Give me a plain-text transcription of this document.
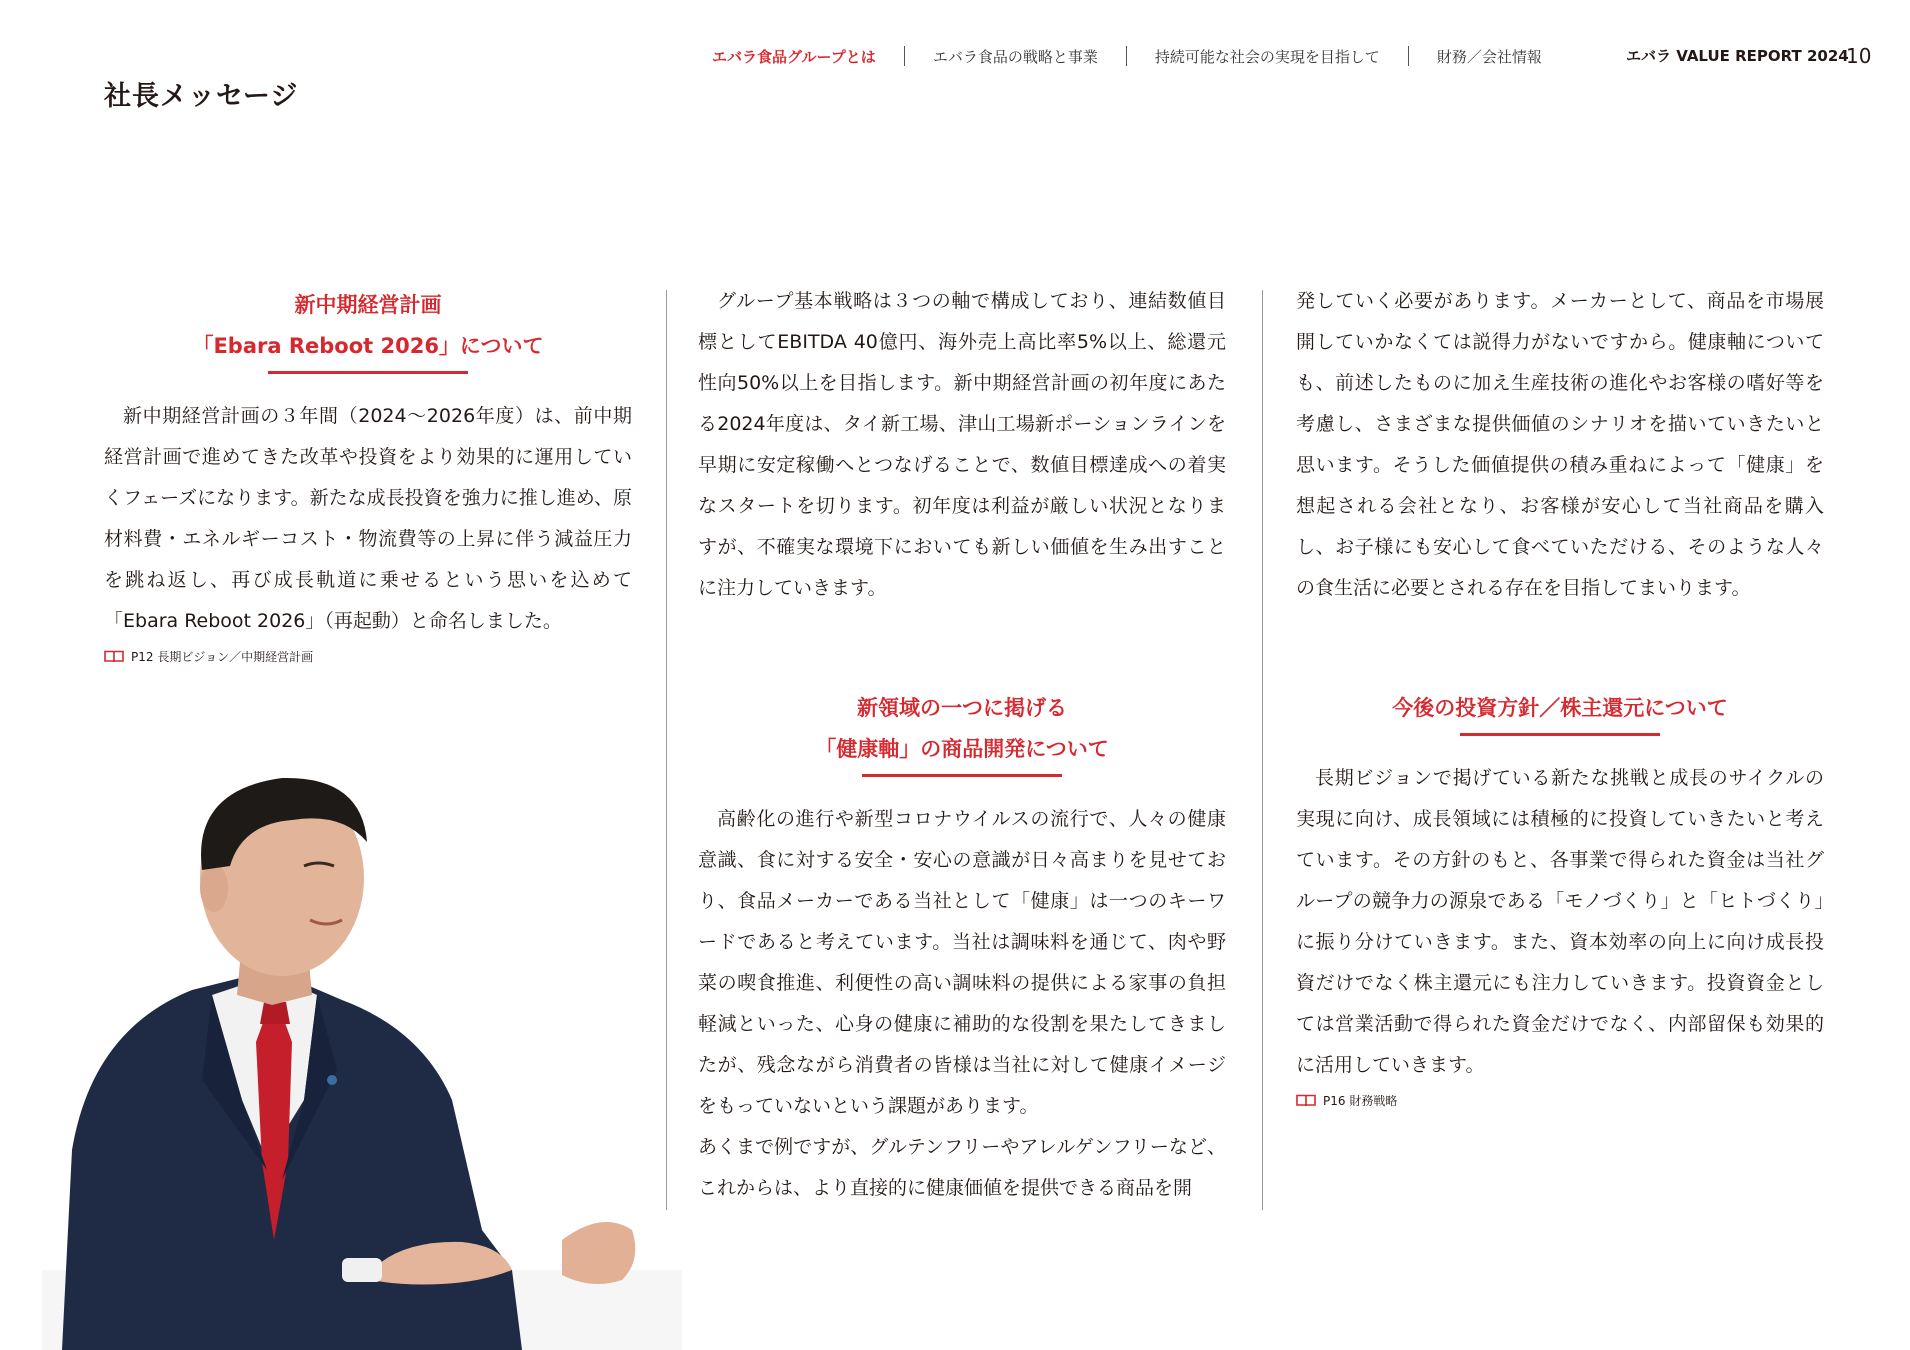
エバラ食品グループとは	エバラ食品の戦略と事業	持続可能な社会の実現を目指して	財務／会社情報	エバラ VALUE REPORT 2024
10
社長メッセージ

新中期経営計画
「Ebara Reboot 2026」について

新中期経営計画の３年間（2024～2026年度）は、前中期経営計画で進めてきた改革や投資をより効果的に運用していくフェーズになります。新たな成長投資を強力に推し進め、原材料費・エネルギーコスト・物流費等の上昇に伴う減益圧力を跳ね返し、再び成長軌道に乗せるという思いを込めて「Ebara Reboot 2026」（再起動）と命名しました。

P12 長期ビジョン／中期経営計画

グループ基本戦略は３つの軸で構成しており、連結数値目標としてEBITDA 40億円、海外売上高比率5%以上、総還元性向50%以上を目指します。新中期経営計画の初年度にあたる2024年度は、タイ新工場、津山工場新ポーションラインを早期に安定稼働へとつなげることで、数値目標達成への着実なスタートを切ります。初年度は利益が厳しい状況となりますが、不確実な環境下においても新しい価値を生み出すことに注力していきます。

新領域の一つに掲げる
「健康軸」の商品開発について

高齢化の進行や新型コロナウイルスの流行で、人々の健康意識、食に対する安全・安心の意識が日々高まりを見せており、食品メーカーである当社として「健康」は一つのキーワードであると考えています。当社は調味料を通じて、肉や野菜の喫食推進、利便性の高い調味料の提供による家事の負担軽減といった、心身の健康に補助的な役割を果たしてきましたが、残念ながら消費者の皆様は当社に対して健康イメージをもっていないという課題があります。

あくまで例ですが、グルテンフリーやアレルゲンフリーなど、これからは、より直接的に健康価値を提供できる商品を開

発していく必要があります。メーカーとして、商品を市場展開していかなくては説得力がないですから。健康軸についても、前述したものに加え生産技術の進化やお客様の嗜好等を考慮し、さまざまな提供価値のシナリオを描いていきたいと思います。そうした価値提供の積み重ねによって「健康」を想起される会社となり、お客様が安心して当社商品を購入し、お子様にも安心して食べていただける、そのような人々の食生活に必要とされる存在を目指してまいります。

今後の投資方針／株主還元について

長期ビジョンで掲げている新たな挑戦と成長のサイクルの実現に向け、成長領域には積極的に投資していきたいと考えています。その方針のもと、各事業で得られた資金は当社グループの競争力の源泉である「モノづくり」と「ヒトづくり」に振り分けていきます。また、資本効率の向上に向け成長投資だけでなく株主還元にも注力していきます。投資資金としては営業活動で得られた資金だけでなく、内部留保も効果的に活用していきます。

P16 財務戦略
